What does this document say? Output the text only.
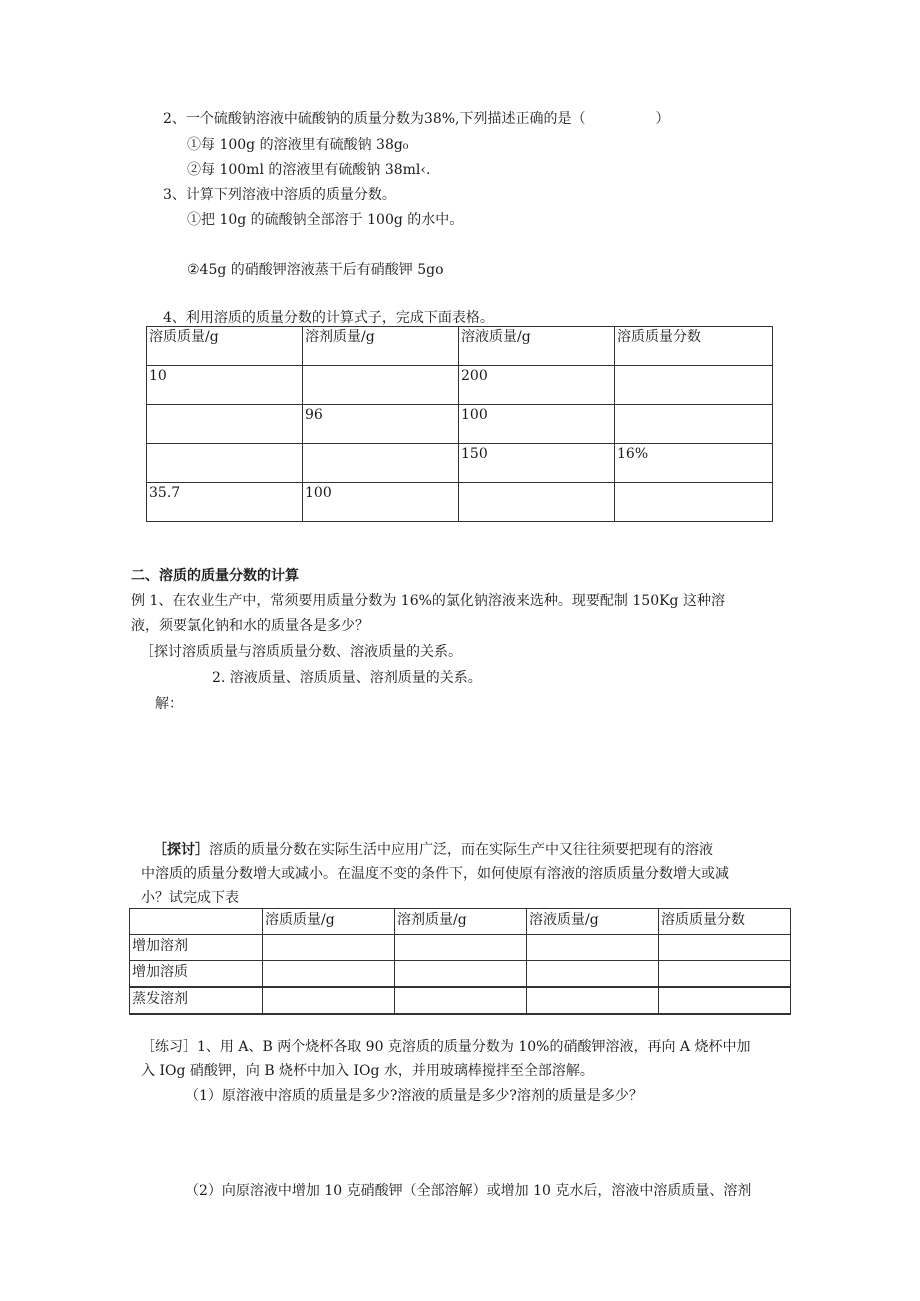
2、一个硫酸钠溶液中硫酸钠的质量分数为38%,下列描述正确的是（　　　　　）
①每 100g 的溶液里有硫酸钠 38g₀
②每 100ml 的溶液里有硫酸钠 38ml‹.
3、计算下列溶液中溶质的质量分数。
①把 10g 的硫酸钠全部溶于 100g 的水中。
②45g 的硝酸钾溶液蒸干后有硝酸钾 5go
4、利用溶质的质量分数的计算式子，完成下面表格。
溶质质量/g	溶剂质量/g	溶液质量/g	溶质质量分数
10		200	
	96	100	
		150	16%
35.7	100		
二、溶质的质量分数的计算
例 1、在农业生产中，常须要用质量分数为 16%的氯化钠溶液来选种。现要配制 150Kg 这种溶
液，须要氯化钠和水的质量各是多少？
［探讨溶质质量与溶质质量分数、溶液质量的关系。
2. 溶液质量、溶质质量、溶剂质量的关系。
解：
［探讨］溶质的质量分数在实际生活中应用广泛，而在实际生产中又往往须要把现有的溶液
中溶质的质量分数增大或减小。在温度不变的条件下，如何使原有溶液的溶质质量分数增大或减
小？试完成下表
	溶质质量/g	溶剂质量/g	溶液质量/g	溶质质量分数
增加溶剂				
增加溶质				
蒸发溶剂				
［练习］1、用 A、B 两个烧杯各取 90 克溶质的质量分数为 10%的硝酸钾溶液，再向 A 烧杯中加
入 IOg 硝酸钾，向 B 烧杯中加入 IOg 水，并用玻璃棒搅拌至全部溶解。
（1）原溶液中溶质的质量是多少?溶液的质量是多少?溶剂的质量是多少？
（2）向原溶液中增加 10 克硝酸钾（全部溶解）或增加 10 克水后，溶液中溶质质量、溶剂
